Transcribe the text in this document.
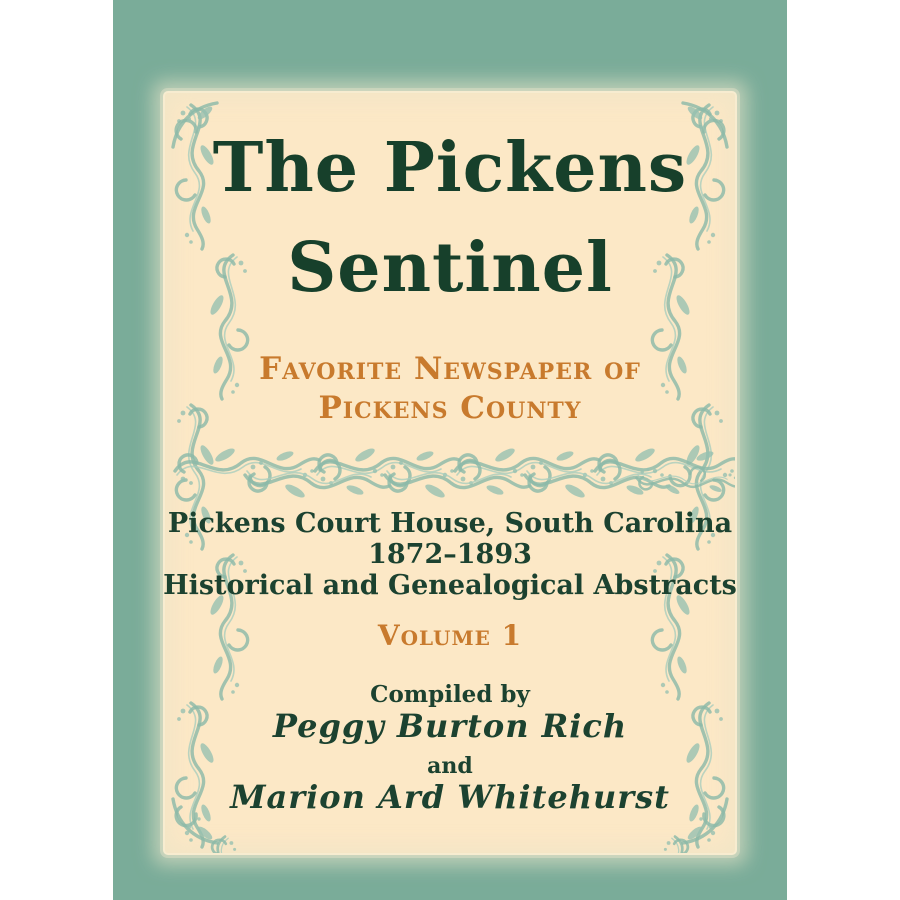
The Pickens
Sentinel
Favorite Newspaper of
Pickens County
Pickens Court House, South Carolina
1872–1893
Historical and Genealogical Abstracts
Volume 1
Compiled by
Peggy Burton Rich
and
Marion Ard Whitehurst
